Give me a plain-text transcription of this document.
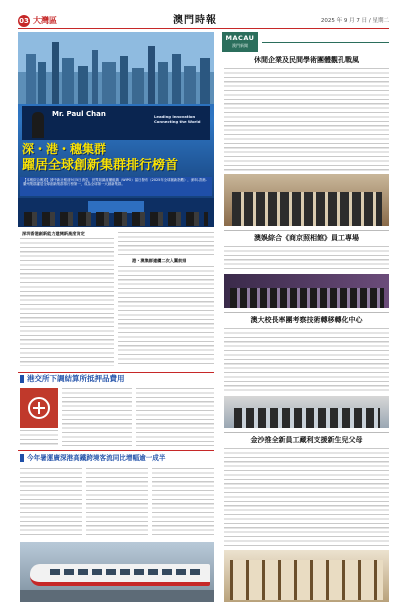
03 大灣區	澳門時報	2025 年 9 月 7 日 / 星期二
Mr. Paul Chan	Leading Innovation Connecting the World
深・港・穗集群
躍居全球創新集群排行榜首
【本報綜合報道】據中新社報道9月5日消息，世界知識產權組織（WIPO）當日發布《2025年全球創新指數》，深圳-香港-廣州集群躍居全球創新集群排行榜第一，成為全球第一大創新集群。
MACAU
澳門新聞
休閒企業及民間學術團體觀孔戰風
澳娛綜合《商京照相館》員工專場
澳大校長率團考察技術轉移轉化中心
金沙推全新員工藏利支援新生兒父母
深圳香港創新能力建開新高度肯定
港・澳集群連續二次入圍前排
港交所下調結算所抵押品費用
今年暑運廣深港高鐵跨境客流同比增幅逾一成半
